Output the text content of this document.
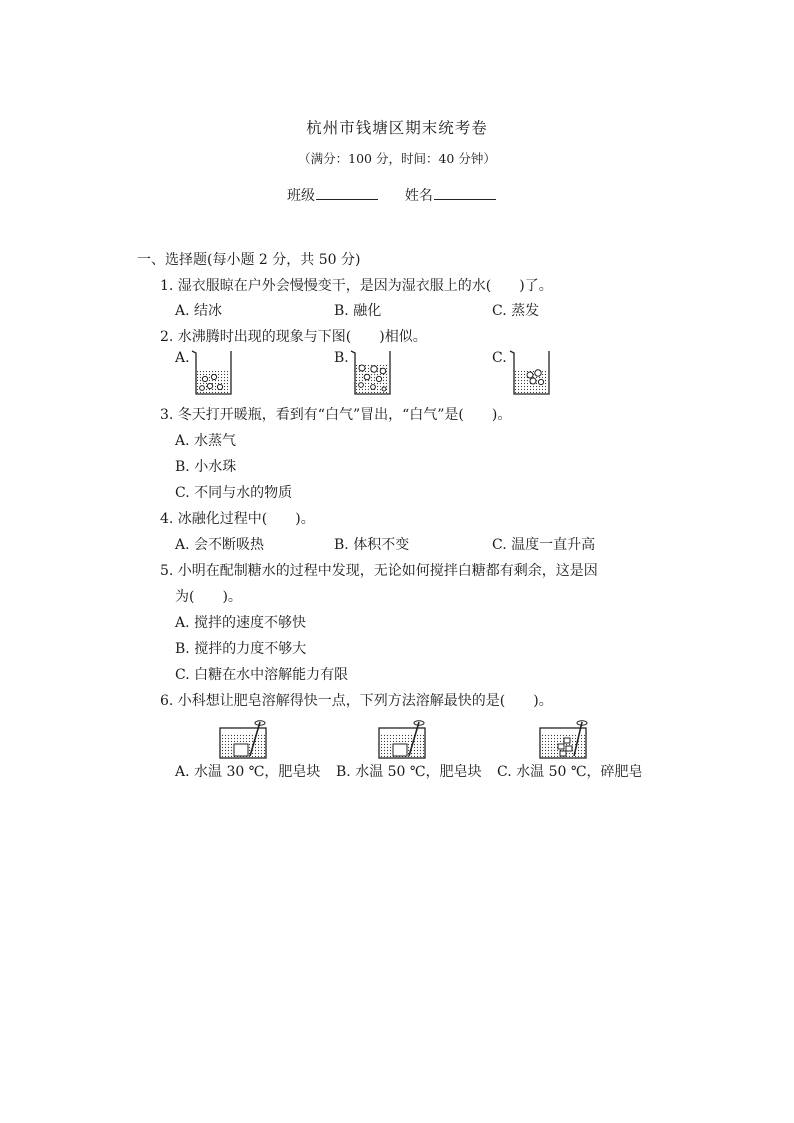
杭州市钱塘区期末统考卷
（满分：100 分，时间：40 分钟）
班级	姓名
一、选择题(每小题 2 分，共 50 分)
1. 湿衣服晾在户外会慢慢变干，是因为湿衣服上的水(　　)了。
A. 结冰	B. 融化	C. 蒸发
2. 水沸腾时出现的现象与下图(　　)相似。
A.	B.	C.
3. 冬天打开暖瓶，看到有“白气”冒出，“白气”是(　　)。
A. 水蒸气
B. 小水珠
C. 不同与水的物质
4. 冰融化过程中(　　)。
A. 会不断吸热	B. 体积不变	C. 温度一直升高
5. 小明在配制糖水的过程中发现，无论如何搅拌白糖都有剩余，这是因
为(　　)。
A. 搅拌的速度不够快
B. 搅拌的力度不够大
C. 白糖在水中溶解能力有限
6. 小科想让肥皂溶解得快一点，下列方法溶解最快的是(　　)。
A. 水温 30 ℃，肥皂块 B. 水温 50 ℃，肥皂块 C. 水温 50 ℃，碎肥皂
